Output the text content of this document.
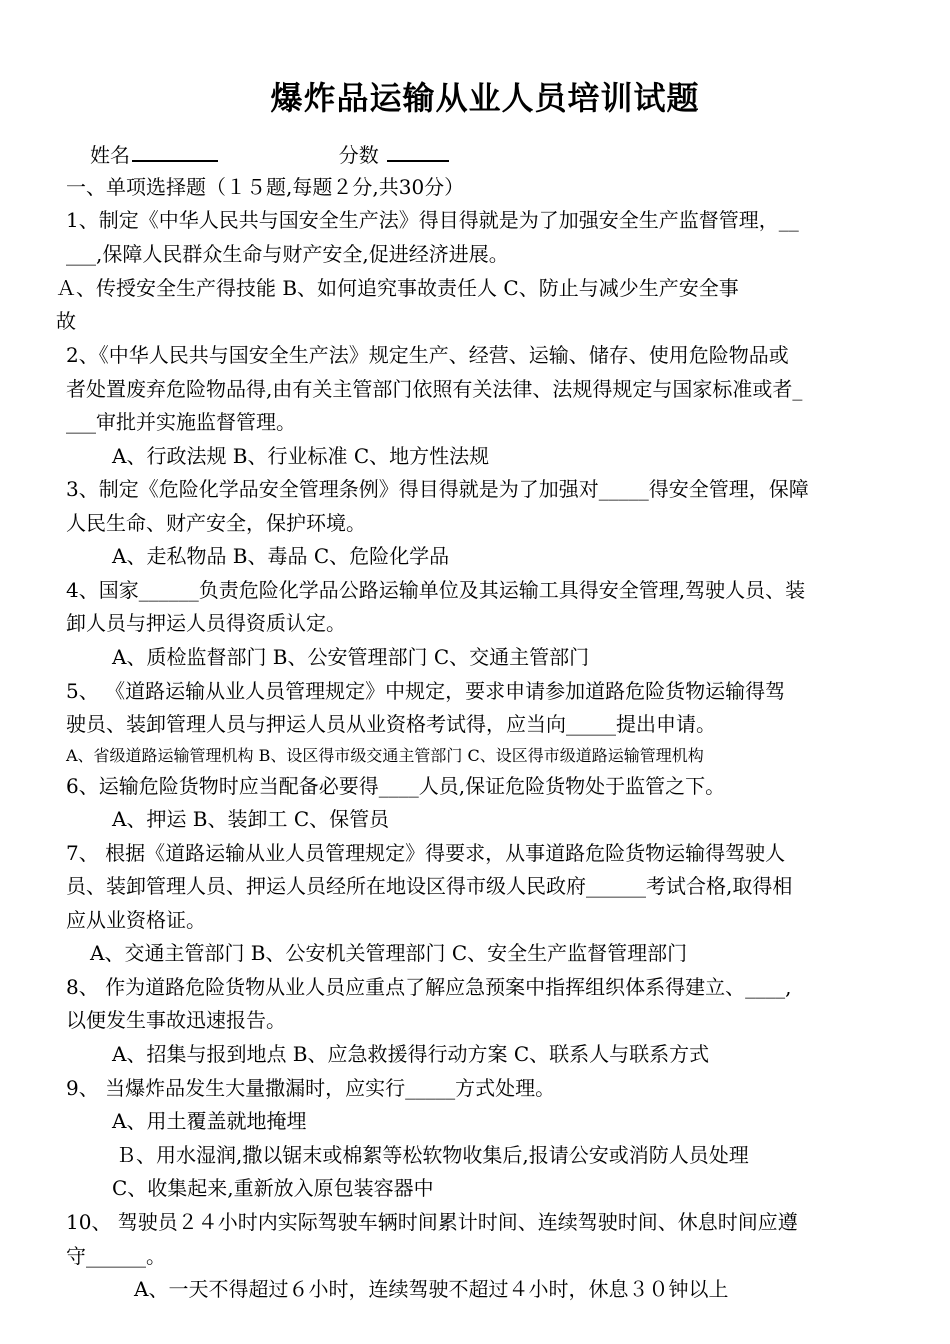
爆炸品运输从业人员培训试题
姓名	分数
一、单项选择题（１５题,每题２分,共30分）
1、制定《中华人民共与国安全生产法》得目得就是为了加强安全生产监督管理，__
___,保障人民群众生命与财产安全,促进经济进展。
Ａ、传授安全生产得技能 B、如何追究事故责任人 C、防止与减少生产安全事
故
2、《中华人民共与国安全生产法》规定生产、经营、运输、储存、使用危险物品或
者处置废弃危险物品得,由有关主管部门依照有关法律、法规得规定与国家标准或者_
___审批并实施监督管理。
A、行政法规 B、行业标准 C、地方性法规
3、制定《危险化学品安全管理条例》得目得就是为了加强对_____得安全管理，保障
人民生命、财产安全，保护环境。
A、走私物品 B、毒品 C、危险化学品
4、国家______负责危险化学品公路运输单位及其运输工具得安全管理,驾驶人员、装
卸人员与押运人员得资质认定。
A、质检监督部门 B、公安管理部门 C、交通主管部门
5、 《道路运输从业人员管理规定》中规定，要求申请参加道路危险货物运输得驾
驶员、装卸管理人员与押运人员从业资格考试得，应当向_____提出申请。
A、省级道路运输管理机构 B、设区得市级交通主管部门 C、设区得市级道路运输管理机构
6、运输危险货物时应当配备必要得____人员,保证危险货物处于监管之下。
A、押运 B、装卸工 C、保管员
7、 根据《道路运输从业人员管理规定》得要求，从事道路危险货物运输得驾驶人
员、装卸管理人员、押运人员经所在地设区得市级人民政府______考试合格,取得相
应从业资格证。
A、交通主管部门 B、公安机关管理部门 C、安全生产监督管理部门
8、 作为道路危险货物从业人员应重点了解应急预案中指挥组织体系得建立、____,
以便发生事故迅速报告。
A、招集与报到地点 B、应急救援得行动方案 C、联系人与联系方式
9、 当爆炸品发生大量撒漏时，应实行_____方式处理。
A、用土覆盖就地掩埋
Ｂ、用水湿润,撒以锯末或棉絮等松软物收集后,报请公安或消防人员处理
C、收集起来,重新放入原包装容器中
10、 驾驶员２４小时内实际驾驶车辆时间累计时间、连续驾驶时间、休息时间应遵
守______。
A、一天不得超过６小时，连续驾驶不超过４小时，休息３０钟以上
